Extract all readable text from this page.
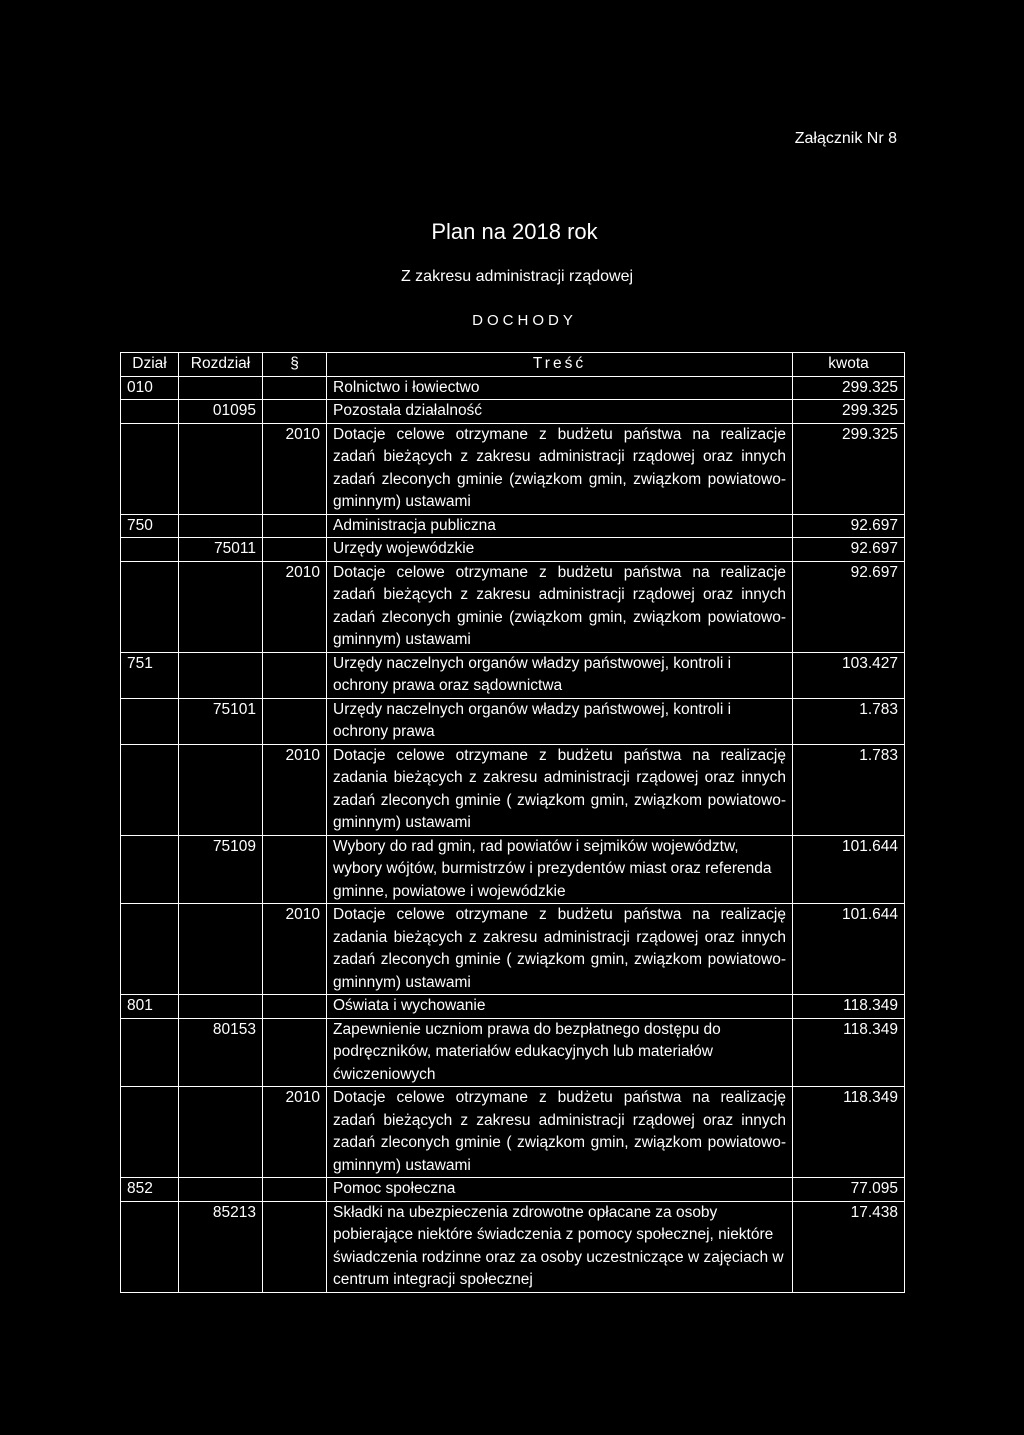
Załącznik Nr 8
Plan na 2018 rok
Z zakresu administracji rządowej
DOCHODY
Dział	Rozdział	§	Treść	kwota
010			Rolnictwo i łowiectwo	299.325
	01095		Pozostała działalność	299.325
		2010	Dotacje celowe otrzymane z budżetu państwa na realizacje zadań bieżących z zakresu administracji rządowej oraz innych zadań zleconych gminie (związkom gmin, związkom powiatowo-gminnym) ustawami	299.325
750			Administracja publiczna	92.697
	75011		Urzędy wojewódzkie	92.697
		2010	Dotacje celowe otrzymane z budżetu państwa na realizacje zadań bieżących z zakresu administracji rządowej oraz innych zadań zleconych gminie (związkom gmin, związkom powiatowo-gminnym) ustawami	92.697
751			Urzędy naczelnych organów władzy państwowej, kontroli i ochrony prawa oraz sądownictwa	103.427
	75101		Urzędy naczelnych organów władzy państwowej, kontroli i ochrony prawa	1.783
		2010	Dotacje celowe otrzymane z budżetu państwa na realizację zadania bieżących z zakresu administracji rządowej oraz innych zadań zleconych gminie ( związkom gmin, związkom powiatowo-gminnym) ustawami	1.783
	75109		Wybory do rad gmin, rad powiatów i sejmików województw, wybory wójtów, burmistrzów i prezydentów miast oraz referenda gminne, powiatowe i wojewódzkie	101.644
		2010	Dotacje celowe otrzymane z budżetu państwa na realizację zadania bieżących z zakresu administracji rządowej oraz innych zadań zleconych gminie ( związkom gmin, związkom powiatowo-gminnym) ustawami	101.644
801			Oświata i wychowanie	118.349
	80153		Zapewnienie uczniom prawa do bezpłatnego dostępu do podręczników, materiałów edukacyjnych lub materiałów ćwiczeniowych	118.349
		2010	Dotacje celowe otrzymane z budżetu państwa na realizację zadań bieżących z zakresu administracji rządowej oraz innych zadań zleconych gminie ( związkom gmin, związkom powiatowo-gminnym) ustawami	118.349
852			Pomoc społeczna	77.095
	85213		Składki na ubezpieczenia zdrowotne opłacane za osoby pobierające niektóre świadczenia z pomocy społecznej, niektóre świadczenia rodzinne oraz za osoby uczestniczące w zajęciach w centrum integracji społecznej	17.438
